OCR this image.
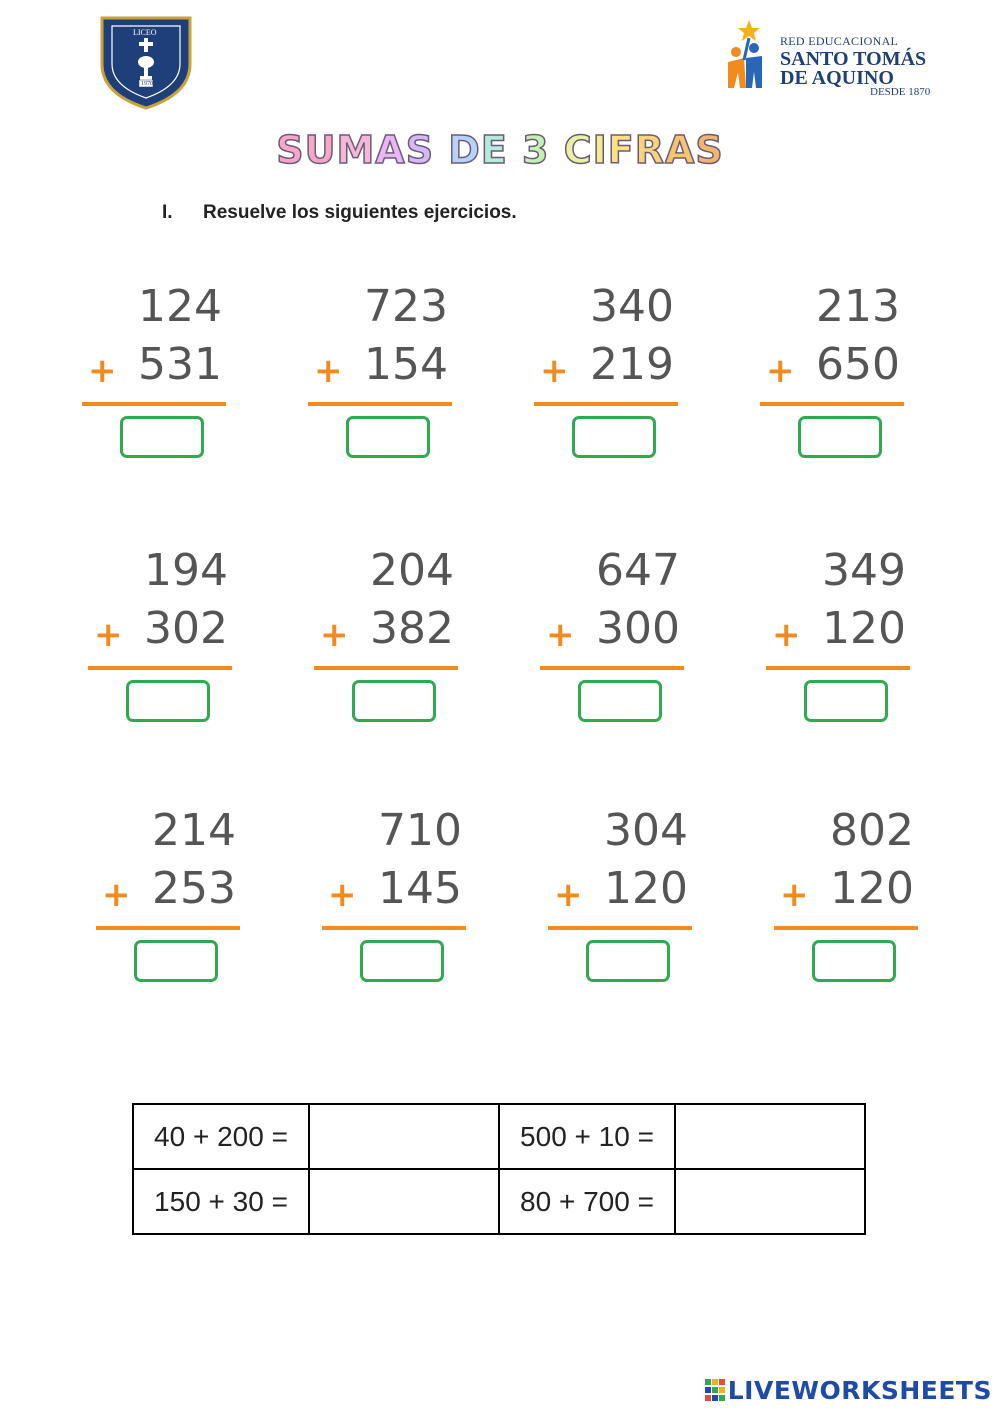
LICEO
1970
RED EDUCACIONAL
SANTO TOMÁS
DE AQUINO
DESDE 1870
SUMAS DE 3 CIFRAS
I. Resuelve los siguientes ejercicios.
124
+ 531
723
+ 154
340
+ 219
213
+ 650
194
+ 302
204
+ 382
647
+ 300
349
+ 120
214
+ 253
710
+ 145
304
+ 120
802
+ 120
40 + 200 =		500 + 10 =	
150 + 30 =		80 + 700 =	
LIVEWORKSHEETS
